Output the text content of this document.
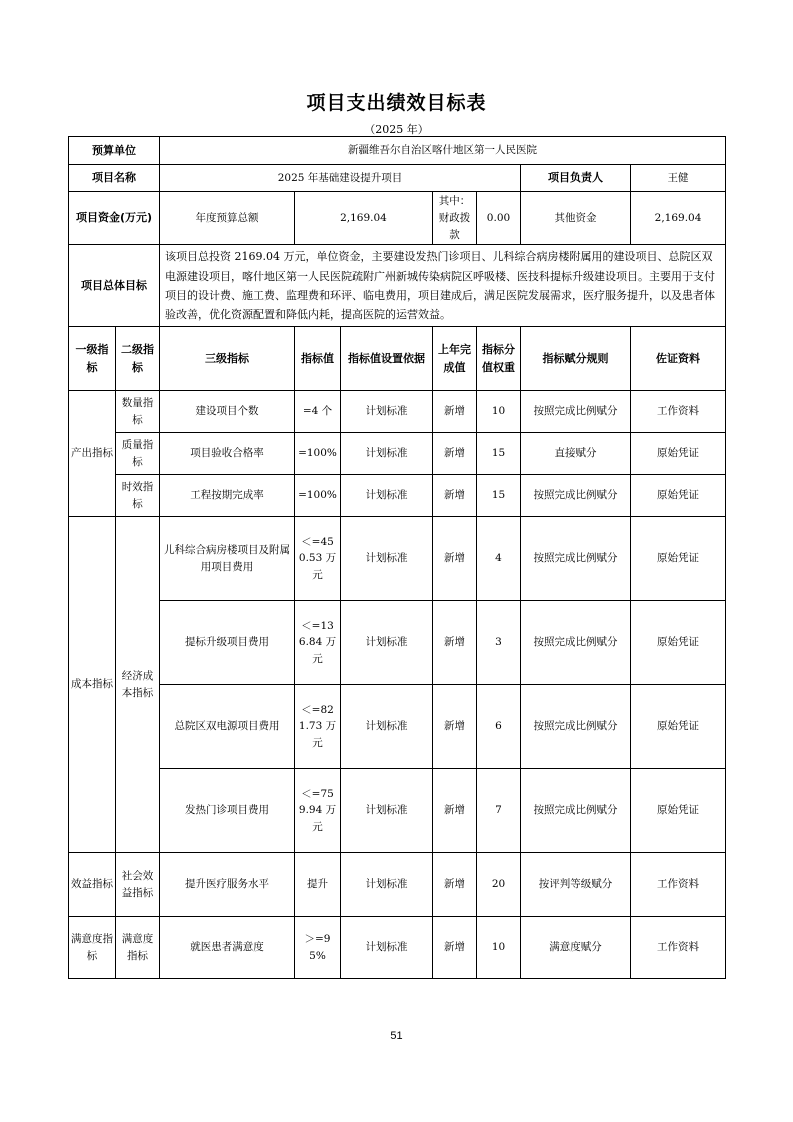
项目支出绩效目标表
（2025 年）
预算单位		新疆维吾尔自治区喀什地区第一人民医院						
项目名称		2025 年基础建设提升项目					项目负责人	王健
项目资金(万元)		年度预算总额	2,169.04		其中：财政拨款	0.00	其他资金	2,169.04
项目总体目标		该项目总投资 2169.04 万元，单位资金，主要建设发热门诊项目、儿科综合病房楼附属用的建设项目、总院区双电源建设项目，喀什地区第一人民医院疏附广州新城传染病院区呼吸楼、医技科提标升级建设项目。主要用于支付项目的设计费、施工费、监理费和环评、临电费用，项目建成后，满足医院发展需求，医疗服务提升，以及患者体验改善，优化资源配置和降低内耗，提高医院的运营效益。						
一级指标	二级指标	三级指标	指标值	指标值设置依据	上年完成值	指标分值权重	指标赋分规则	佐证资料
产出指标	数量指标	建设项目个数	=4 个	计划标准	新增	10	按照完成比例赋分	工作资料
	质量指标	项目验收合格率	=100%	计划标准	新增	15	直接赋分	原始凭证
	时效指标	工程按期完成率	=100%	计划标准	新增	15	按照完成比例赋分	原始凭证
成本指标	经济成本指标	儿科综合病房楼项目及附属用项目费用	＜=450.53 万元	计划标准	新增	4	按照完成比例赋分	原始凭证
		提标升级项目费用	＜=136.84 万元	计划标准	新增	3	按照完成比例赋分	原始凭证
		总院区双电源项目费用	＜=821.73 万元	计划标准	新增	6	按照完成比例赋分	原始凭证
		发热门诊项目费用	＜=759.94 万元	计划标准	新增	7	按照完成比例赋分	原始凭证
效益指标	社会效益指标	提升医疗服务水平	提升	计划标准	新增	20	按评判等级赋分	工作资料
满意度指标	满意度指标	就医患者满意度	＞=95%	计划标准	新增	10	满意度赋分	工作资料
51
